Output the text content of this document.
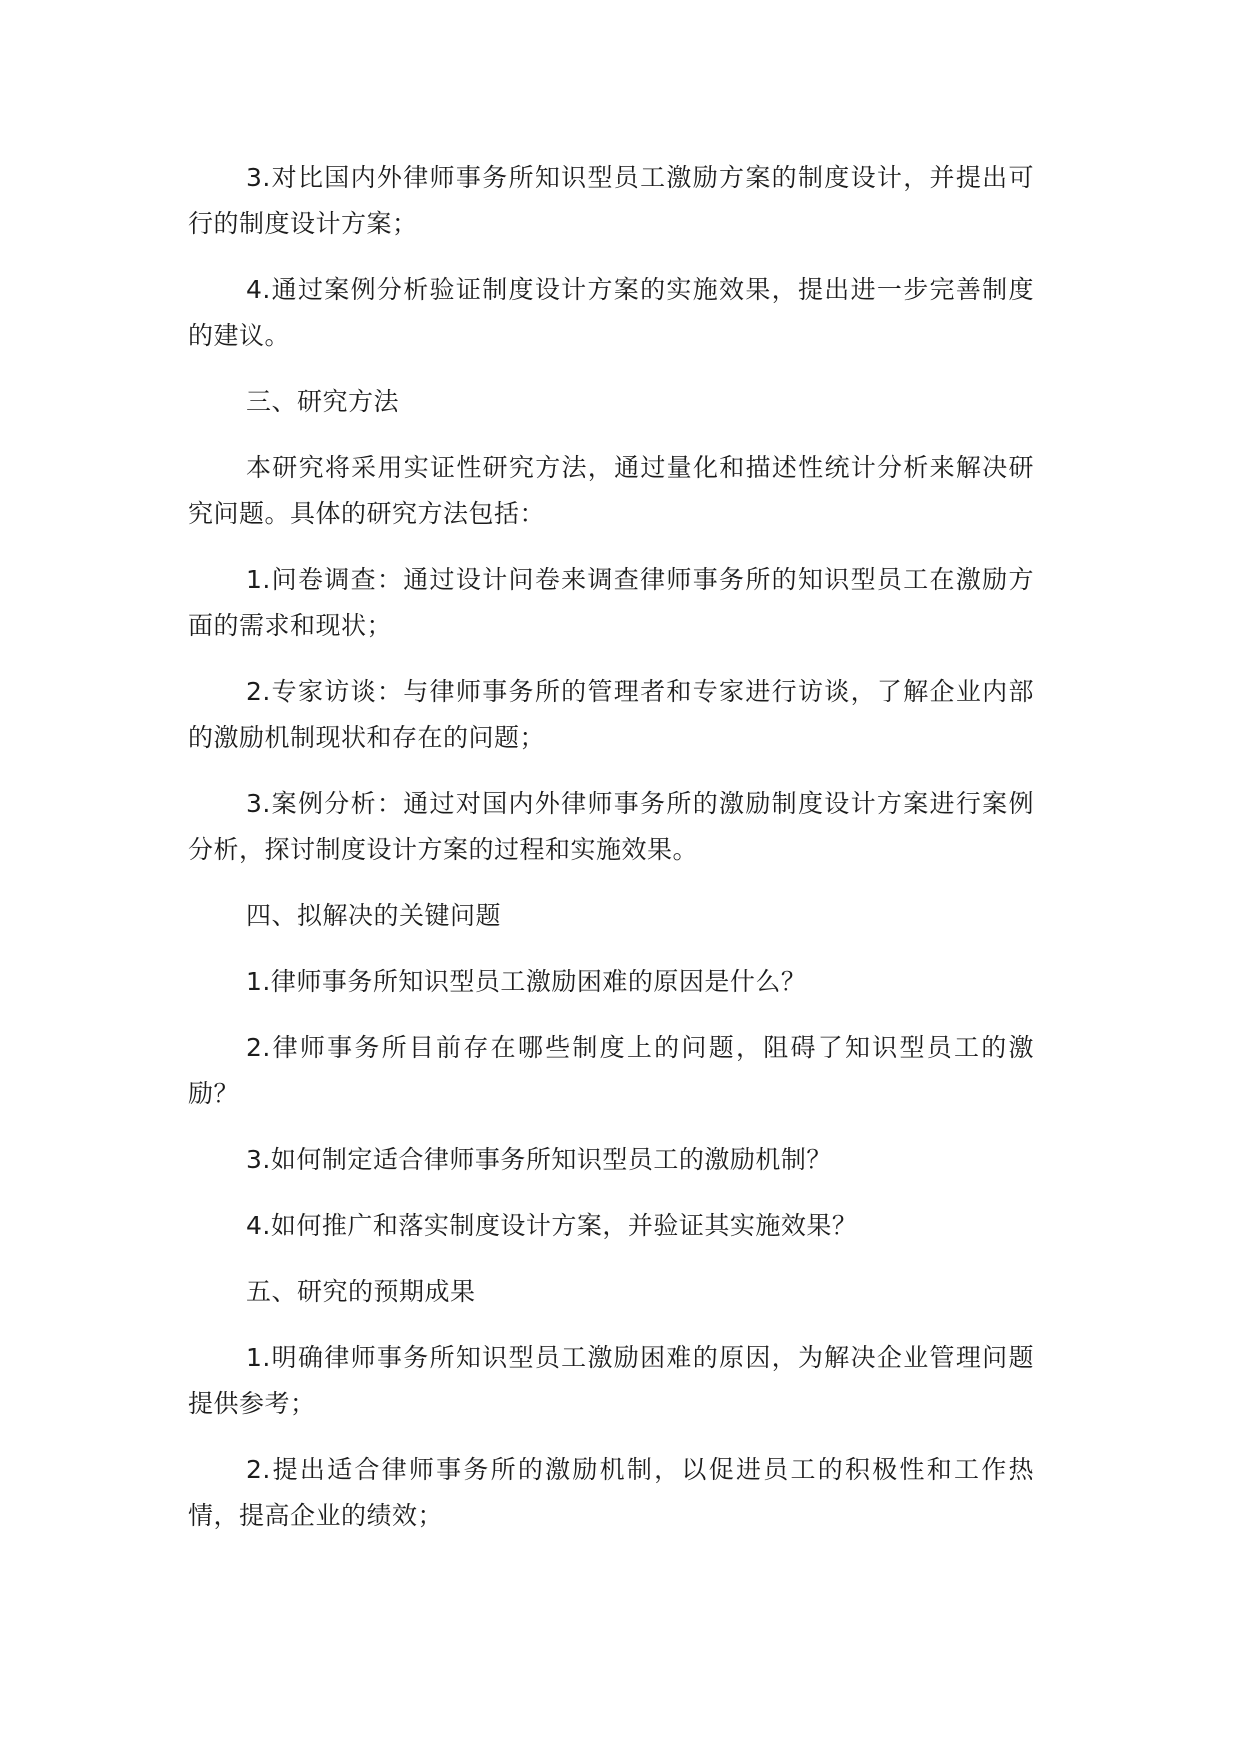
3.对比国内外律师事务所知识型员工激励方案的制度设计，并提出可行的制度设计方案；

4.通过案例分析验证制度设计方案的实施效果，提出进一步完善制度的建议。

三、研究方法

本研究将采用实证性研究方法，通过量化和描述性统计分析来解决研究问题。具体的研究方法包括：

1.问卷调查：通过设计问卷来调查律师事务所的知识型员工在激励方面的需求和现状；

2.专家访谈：与律师事务所的管理者和专家进行访谈，了解企业内部的激励机制现状和存在的问题；

3.案例分析：通过对国内外律师事务所的激励制度设计方案进行案例分析，探讨制度设计方案的过程和实施效果。

四、拟解决的关键问题

1.律师事务所知识型员工激励困难的原因是什么？

2.律师事务所目前存在哪些制度上的问题，阻碍了知识型员工的激励？

3.如何制定适合律师事务所知识型员工的激励机制？

4.如何推广和落实制度设计方案，并验证其实施效果？

五、研究的预期成果

1.明确律师事务所知识型员工激励困难的原因，为解决企业管理问题提供参考；

2.提出适合律师事务所的激励机制，以促进员工的积极性和工作热情，提高企业的绩效；
